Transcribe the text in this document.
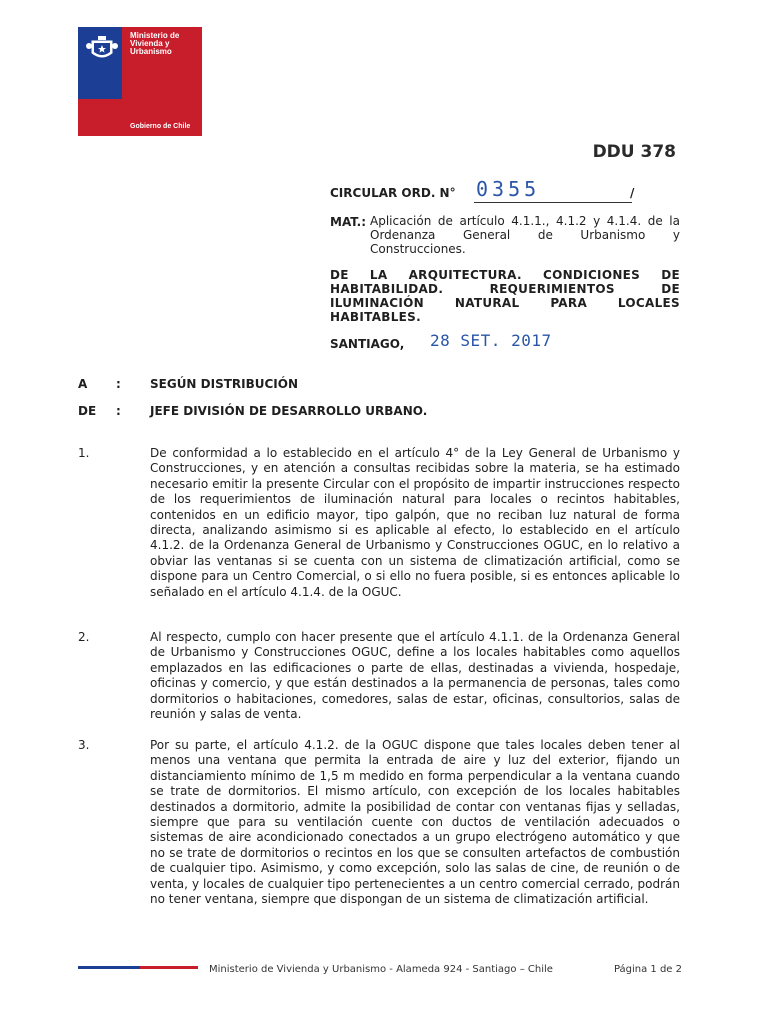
Ministerio de
Vivienda y
Urbanismo
Gobierno de Chile
DDU 378
CIRCULAR ORD. N° 0355	/
MAT.: Aplicación de artículo 4.1.1., 4.1.2 y 4.1.4. de la Ordenanza General de Urbanismo y Construcciones.
DE LA ARQUITECTURA. CONDICIONES DE HABITABILIDAD. REQUERIMIENTOS DE ILUMINACIÓN NATURAL PARA LOCALES HABITABLES.
SANTIAGO, 28 SET. 2017
A : SEGÚN DISTRIBUCIÓN
DE : JEFE DIVISIÓN DE DESARROLLO URBANO.
1.	De conformidad a lo establecido en el artículo 4° de la Ley General de Urbanismo y Construcciones, y en atención a consultas recibidas sobre la materia, se ha estimado necesario emitir la presente Circular con el propósito de impartir instrucciones respecto de los requerimientos de iluminación natural para locales o recintos habitables, contenidos en un edificio mayor, tipo galpón, que no reciban luz natural de forma directa, analizando asimismo si es aplicable al efecto, lo establecido en el artículo 4.1.2. de la Ordenanza General de Urbanismo y Construcciones OGUC, en lo relativo a obviar las ventanas si se cuenta con un sistema de climatización artificial, como se dispone para un Centro Comercial, o si ello no fuera posible, si es entonces aplicable lo señalado en el artículo 4.1.4. de la OGUC.
2.	Al respecto, cumplo con hacer presente que el artículo 4.1.1. de la Ordenanza General de Urbanismo y Construcciones OGUC, define a los locales habitables como aquellos emplazados en las edificaciones o parte de ellas, destinadas a vivienda, hospedaje, oficinas y comercio, y que están destinados a la permanencia de personas, tales como dormitorios o habitaciones, comedores, salas de estar, oficinas, consultorios, salas de reunión y salas de venta.
3.	Por su parte, el artículo 4.1.2. de la OGUC dispone que tales locales deben tener al menos una ventana que permita la entrada de aire y luz del exterior, fijando un distanciamiento mínimo de 1,5 m medido en forma perpendicular a la ventana cuando se trate de dormitorios. El mismo artículo, con excepción de los locales habitables destinados a dormitorio, admite la posibilidad de contar con ventanas fijas y selladas, siempre que para su ventilación cuente con ductos de ventilación adecuados o sistemas de aire acondicionado conectados a un grupo electrógeno automático y que no se trate de dormitorios o recintos en los que se consulten artefactos de combustión de cualquier tipo. Asimismo, y como excepción, solo las salas de cine, de reunión o de venta, y locales de cualquier tipo pertenecientes a un centro comercial cerrado, podrán no tener ventana, siempre que dispongan de un sistema de climatización artificial.
Ministerio de Vivienda y Urbanismo - Alameda 924 - Santiago – Chile	Página 1 de 2
